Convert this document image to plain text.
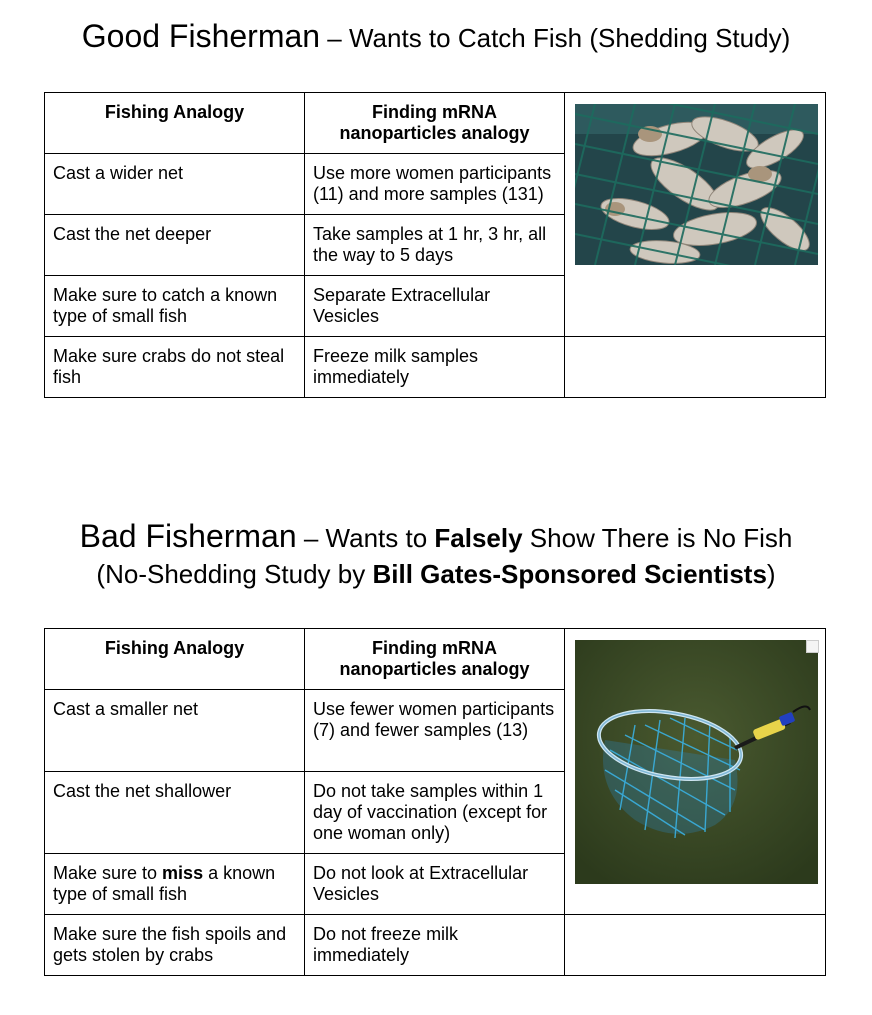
Good Fisherman – Wants to Catch Fish (Shedding Study)
Fishing Analogy	Finding mRNA nanoparticles analogy	

Cast a wider net	Use more women participants (11) and more samples (131)	
Cast the net deeper	Take samples at 1 hr, 3 hr, all the way to 5 days	
Make sure to catch a known type of small fish	Separate Extracellular Vesicles	
Make sure crabs do not steal fish	Freeze milk samples immediately	
Bad Fisherman – Wants to Falsely Show There is No Fish
(No-Shedding Study by Bill Gates-Sponsored Scientists)
Fishing Analogy	Finding mRNA nanoparticles analogy	

Cast a smaller net	Use fewer women participants (7) and fewer samples (13)	
Cast the net shallower	Do not take samples within 1 day of vaccination (except for one woman only)	
Make sure to miss a known type of small fish	Do not look at Extracellular Vesicles	
Make sure the fish spoils and gets stolen by crabs	Do not freeze milk immediately	
